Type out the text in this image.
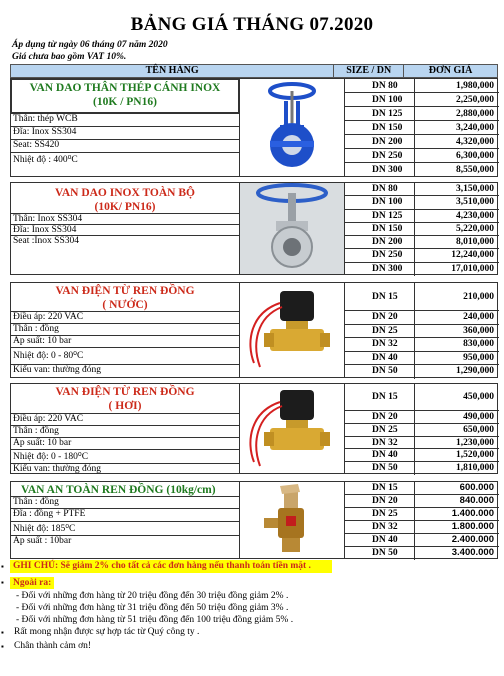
BẢNG GIÁ THÁNG 07.2020
Áp dụng từ ngày 06 tháng 07 năm 2020
Giá chưa bao gồm VAT 10%.
TÊN HÀNG	SIZE / DN	ĐƠN GIÁ
VAN DAO THÂN THÉP CÁNH INOX
(10K / PN16)
Thân: thép WCB
Đĩa: Inox SS304
Seat: SS420
Nhiệt độ : 400⁰C
DN 80	1,980,000
DN 100	2,250,000
DN 125	2,880,000
DN 150	3,240,000
DN 200	4,320,000
DN 250	6,300,000
DN 300	8,550,000
VAN DAO INOX TOÀN BỘ
(10K/ PN16)
Thân: Inox SS304
Đĩa: Inox SS304
Seat :Inox SS304
DN 80	3,150,000
DN 100	3,510,000
DN 125	4,230,000
DN 150	5,220,000
DN 200	8,010,000
DN 250	12,240,000
DN 300	17,010,000
VAN ĐIỆN TỪ REN ĐỒNG
( NƯỚC)
Điều áp: 220 VAC
Thân : đồng
Áp suất: 10 bar
Nhiệt độ: 0 - 80⁰C
Kiểu van: thường đóng
DN 15	210,000
DN 20	240,000
DN 25	360,000
DN 32	830,000
DN 40	950,000
DN 50	1,290,000
VAN ĐIỆN TỪ REN ĐỒNG
( HƠI)
Điều áp: 220 VAC
Thân : đồng
Áp suất: 10 bar
Nhiệt độ: 0 - 180⁰C
Kiểu van: thường đóng
DN 15	450,000
DN 20	490,000
DN 25	650,000
DN 32	1,230,000
DN 40	1,520,000
DN 50	1,810,000
VAN AN TOÀN REN ĐỒNG (10kg/cm)
Thân : đồng
Đĩa : đồng + PTFE
Nhiệt độ: 185⁰C
Áp suất : 10bar
DN 15	600.000
DN 20	840.000
DN 25	1.400.000
DN 32	1.800.000
DN 40	2.400.000
DN 50	3.400.000
▪ GHI CHÚ: Sẽ giảm 2% cho tất cả các đơn hàng nếu thanh toán tiền mặt .
▪ Ngoài ra:
- Đối với những đơn hàng từ 20 triệu đồng đến 30 triệu đồng giảm 2% .
- Đối với những đơn hàng từ 31 triệu đồng đến 50 triệu đồng giảm 3% .
- Đối với những đơn hàng từ 51 triệu đồng đến 100 triệu đồng giảm 5% .
▪ Rất mong nhận được sự hợp tác từ Quý công ty .
▪ Chân thành cảm ơn!
